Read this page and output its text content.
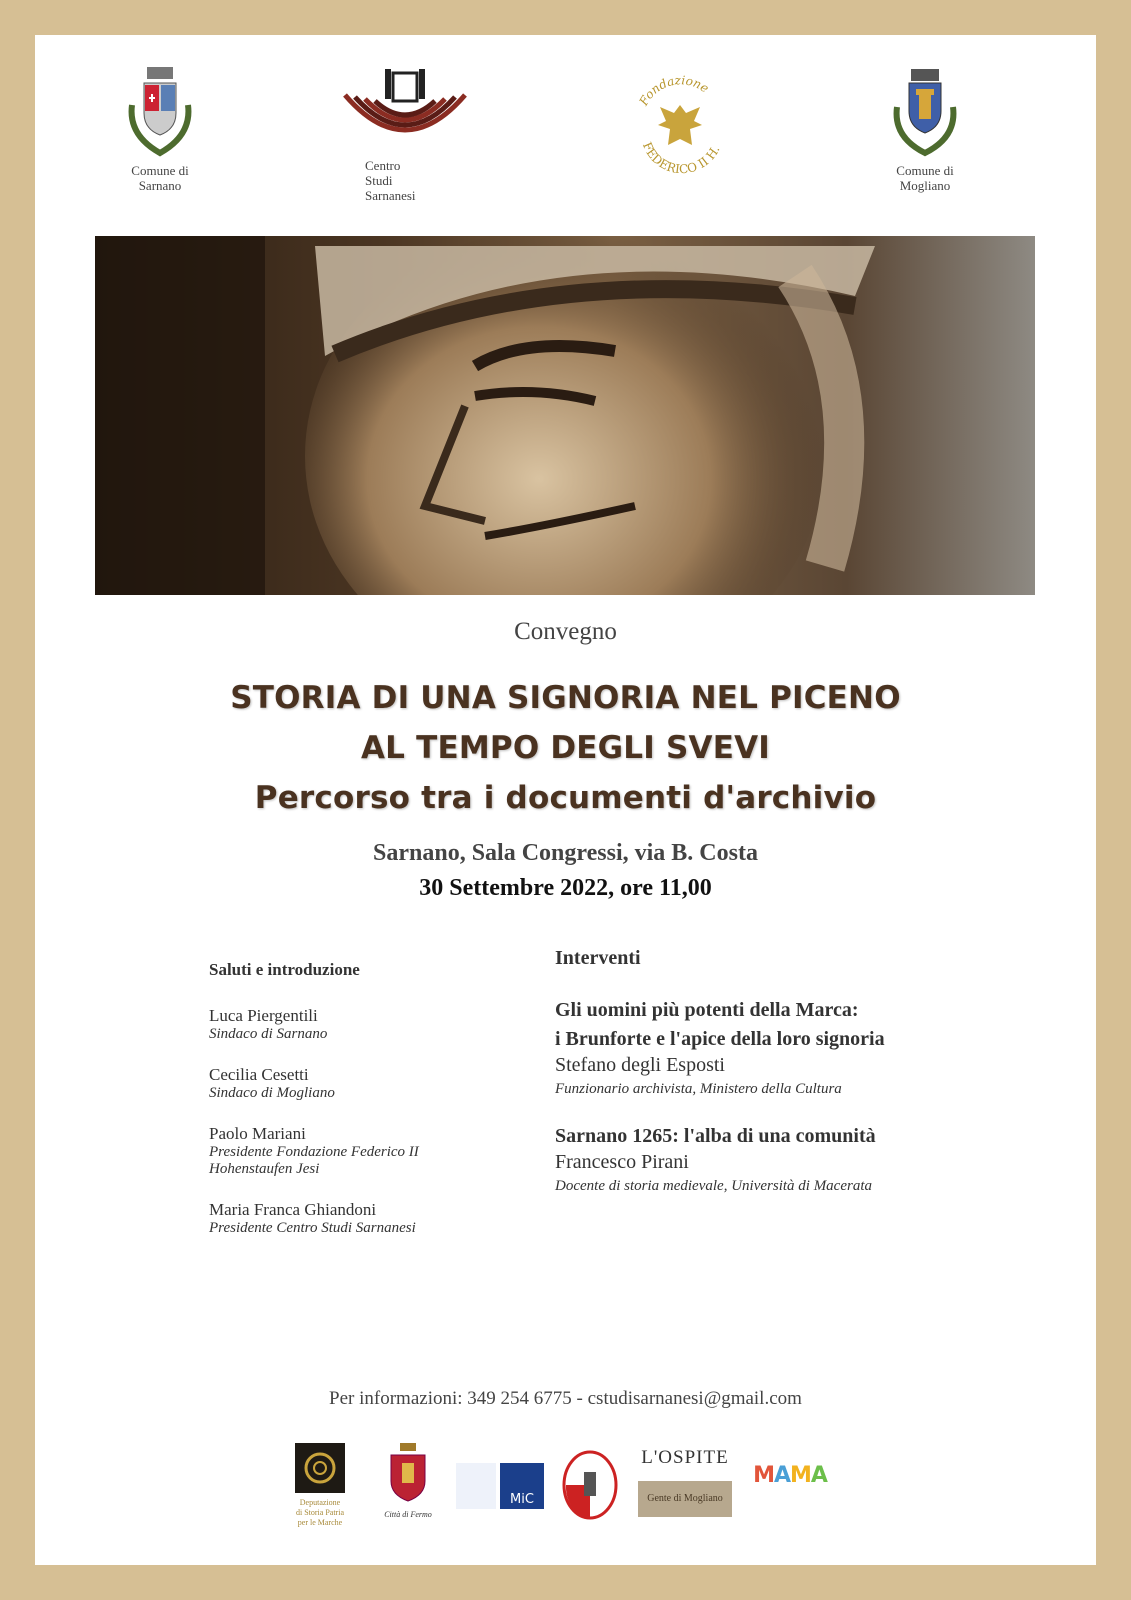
Comune di
Sarnano
Centro
Studi
Sarnanesi
Fondazione
FEDERICO II H.
Comune di
Mogliano
Convegno
STORIA DI UNA SIGNORIA NEL PICENO
AL TEMPO DEGLI SVEVI
Percorso tra i documenti d'archivio
Sarnano, Sala Congressi, via B. Costa
30 Settembre 2022, ore 11,00
Saluti e introduzione
Luca Piergentili
Sindaco di Sarnano
Cecilia Cesetti
Sindaco di Mogliano
Paolo Mariani
Presidente Fondazione Federico II
Hohenstaufen Jesi
Maria Franca Ghiandoni
Presidente Centro Studi Sarnanesi
Interventi
Gli uomini più potenti della Marca:
i Brunforte e l'apice della loro signoria
Stefano degli Esposti
Funzionario archivista, Ministero della Cultura
Sarnano 1265: l'alba di una comunità
Francesco Pirani
Docente di storia medievale, Università di Macerata
Per informazioni: 349 254 6775 - cstudisarnanesi@gmail.com
Deputazione
di Storia Patria
per le Marche
Città di Fermo
MiC
L'OSPITE
Gente di Mogliano
MAMA
